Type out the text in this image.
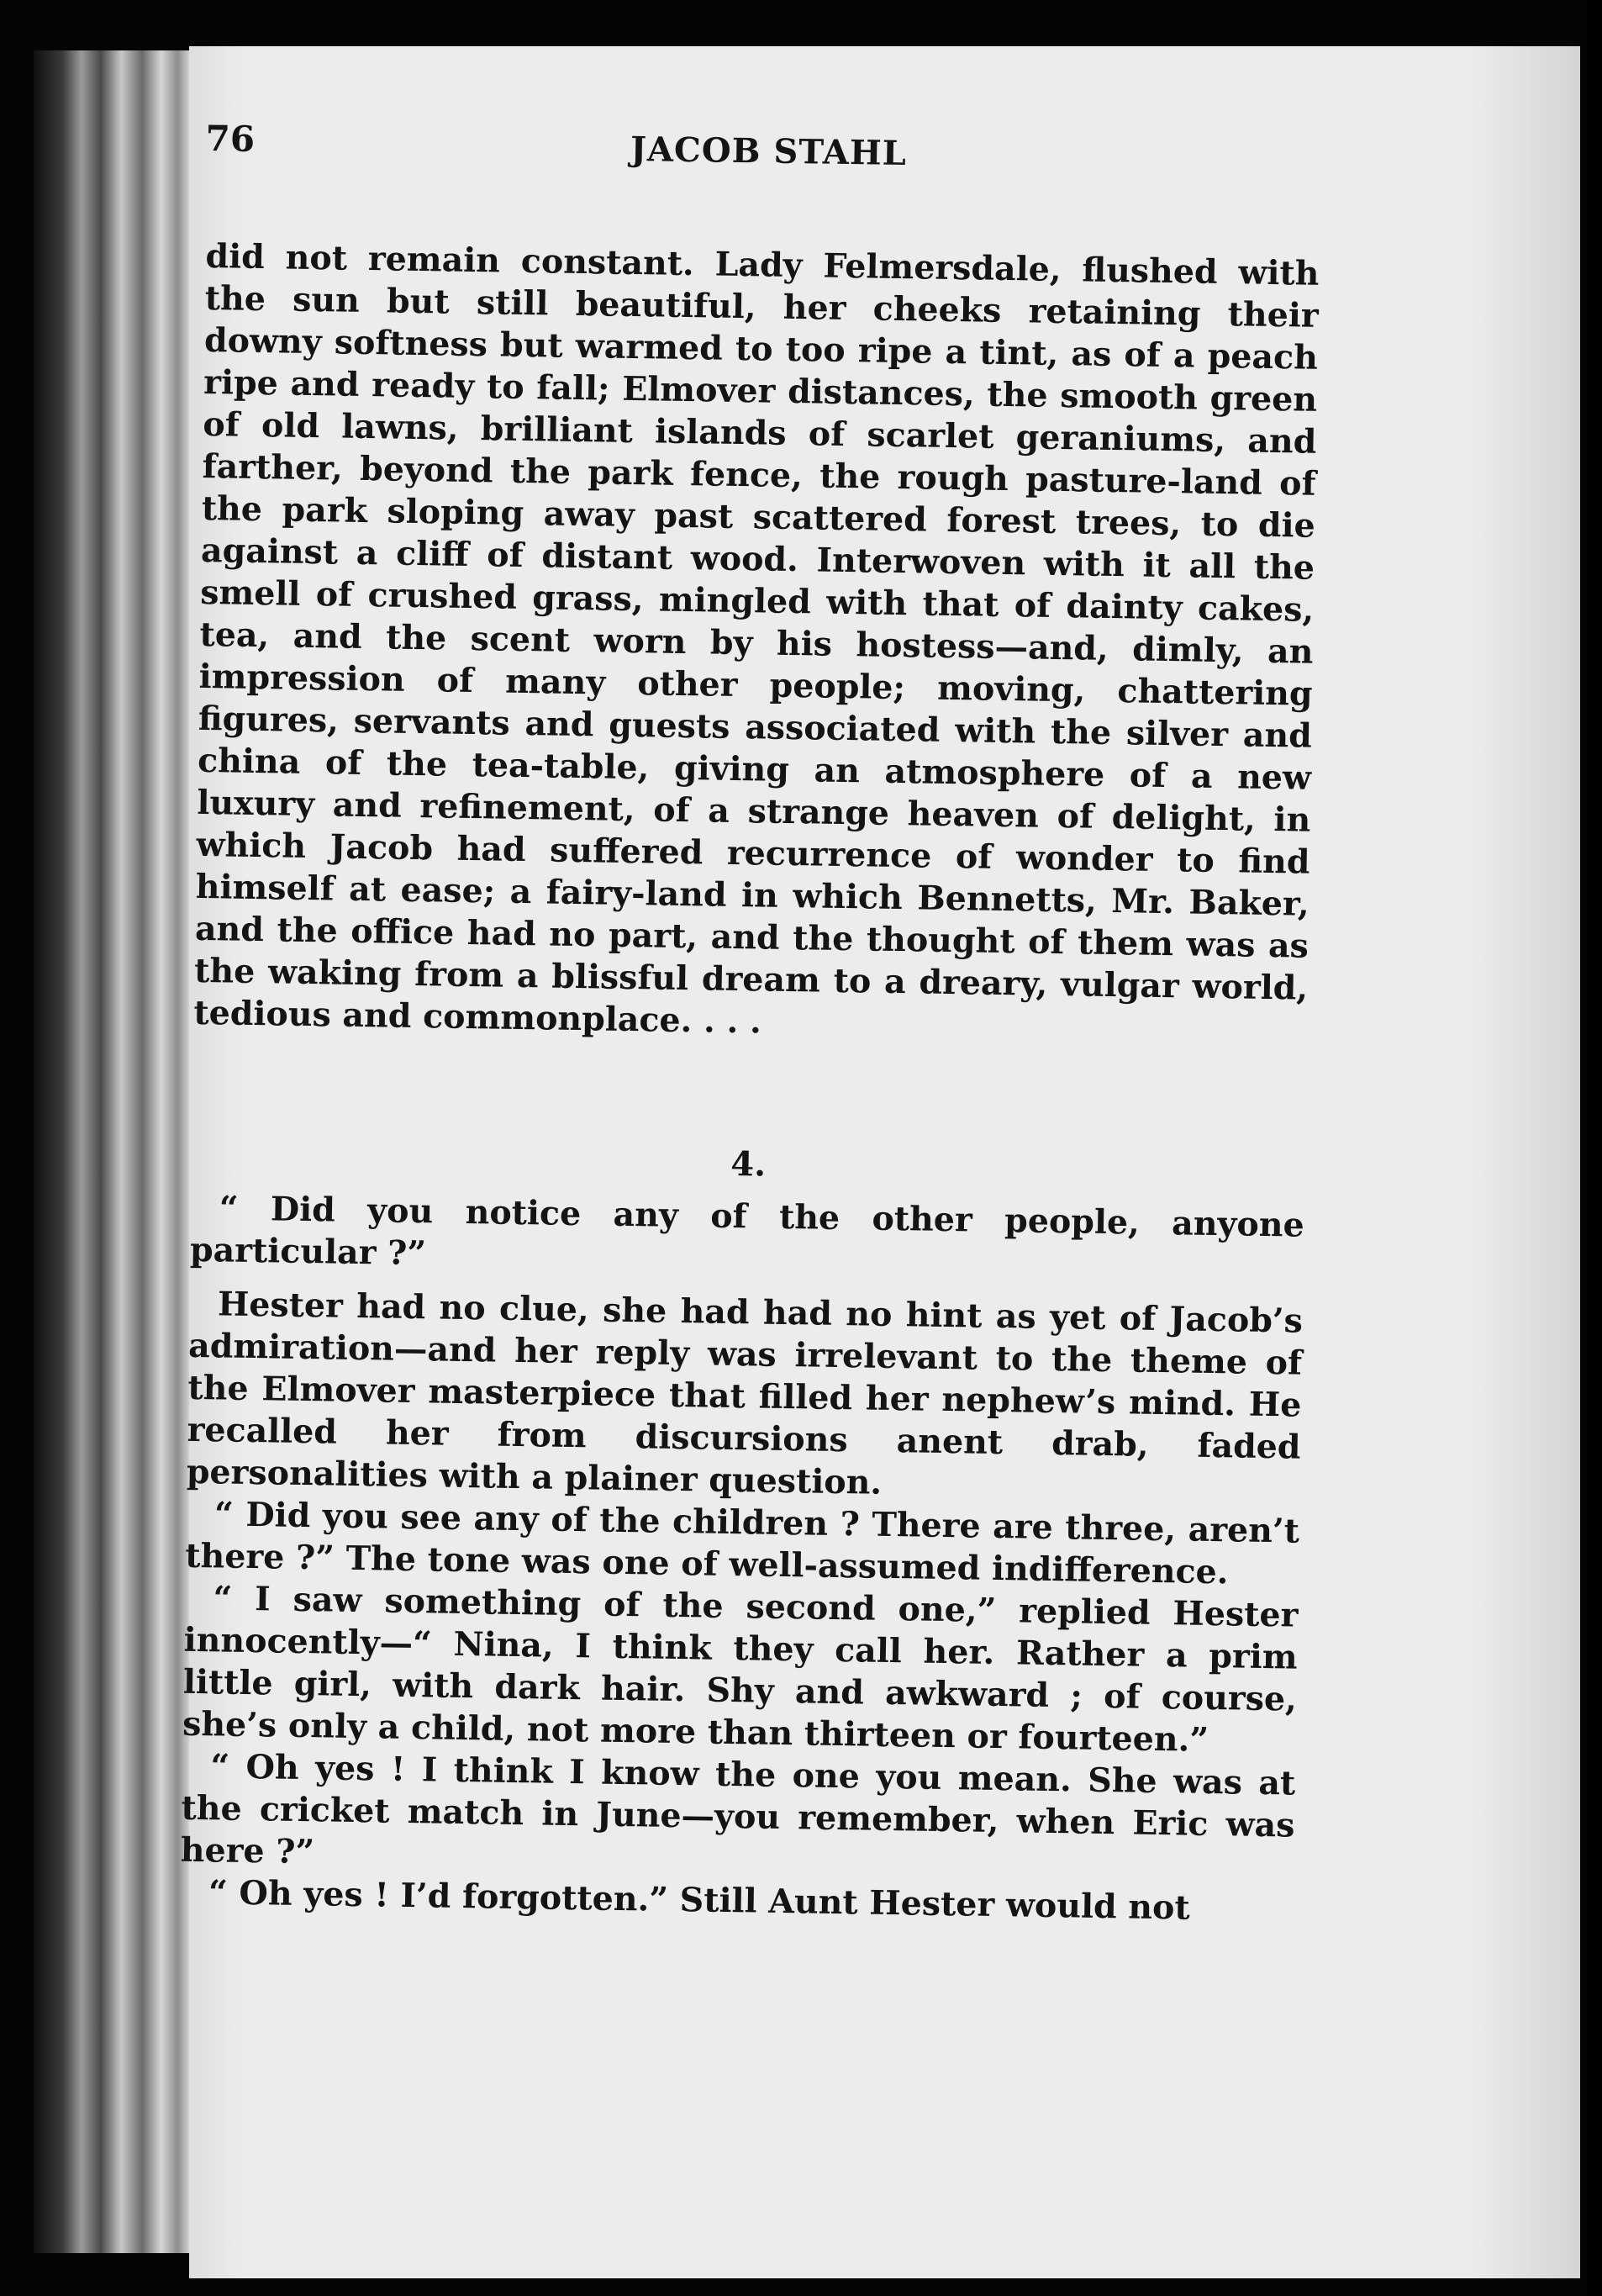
76	JACOB STAHL

did not remain constant. Lady Felmersdale, flushed with the sun but still beautiful, her cheeks retaining their downy softness but warmed to too ripe a tint, as of a peach ripe and ready to fall; Elmover distances, the smooth green of old lawns, brilliant islands of scarlet geraniums, and farther, beyond the park fence, the rough pasture-land of the park sloping away past scattered forest trees, to die against a cliff of distant wood. Interwoven with it all the smell of crushed grass, mingled with that of dainty cakes, tea, and the scent worn by his hostess—and, dimly, an impression of many other people; moving, chattering figures, servants and guests associated with the silver and china of the tea-table, giving an atmosphere of a new luxury and refinement, of a strange heaven of delight, in which Jacob had suffered recurrence of wonder to find himself at ease; a fairy-land in which Bennetts, Mr. Baker, and the office had no part, and the thought of them was as the waking from a blissful dream to a dreary, vulgar world, tedious and commonplace. . . .

4.

“ Did you notice any of the other people, anyone particular ?”

Hester had no clue, she had had no hint as yet of Jacob’s admiration—and her reply was irrelevant to the theme of the Elmover masterpiece that filled her nephew’s mind. He recalled her from discursions anent drab, faded personalities with a plainer question.

“ Did you see any of the children ? There are three, aren’t there ?” The tone was one of well-assumed indifference.

“ I saw something of the second one,” replied Hester innocently—“ Nina, I think they call her. Rather a prim little girl, with dark hair. Shy and awkward ; of course, she’s only a child, not more than thirteen or fourteen.”

“ Oh yes ! I think I know the one you mean. She was at the cricket match in June—you remember, when Eric was here ?”

“ Oh yes ! I’d forgotten.” Still Aunt Hester would not
